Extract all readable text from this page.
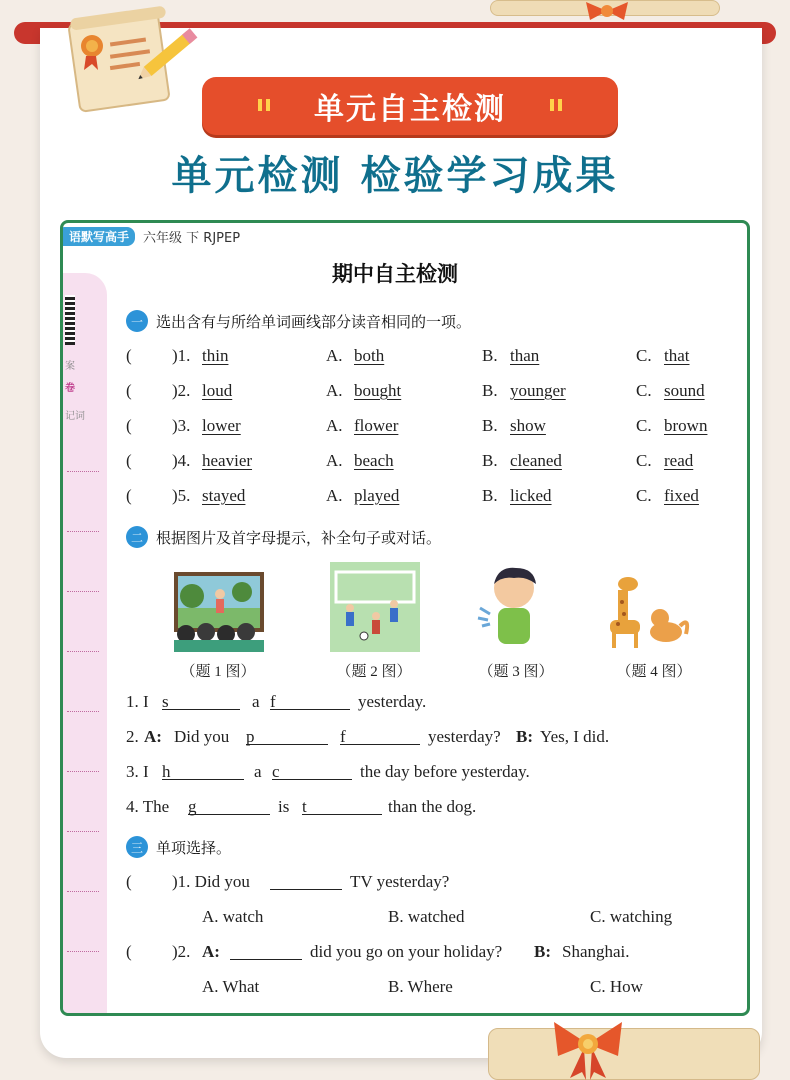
单元自主检测
单元检测 检验学习成果
语默写高手	六年级 下 RJPEP
案
卷
记词
期中自主检测
一 选出含有与所给单词画线部分读音相同的一项。
( )1. thin	A. both	B. than	C. that
( )2. loud	A. bought	B. younger	C. sound
( )3. lower	A. flower	B. show	C. brown
( )4. heavier	A. beach	B. cleaned	C. read
( )5. stayed	A. played	B. licked	C. fixed
二 根据图片及首字母提示，补全句子或对话。
（题 1 图）	（题 2 图）	（题 3 图）	（题 4 图）
1. I s	a f	yesterday.
2. A: Did you p	f	yesterday? B: Yes, I did.
3. I h	a c	the day before yesterday.
4. The g	is t	than the dog.
三 单项选择。
( )1. Did you	TV yesterday?
A. watch	B. watched	C. watching
( )2. A:	did you go on your holiday? B: Shanghai.
A. What	B. Where	C. How
